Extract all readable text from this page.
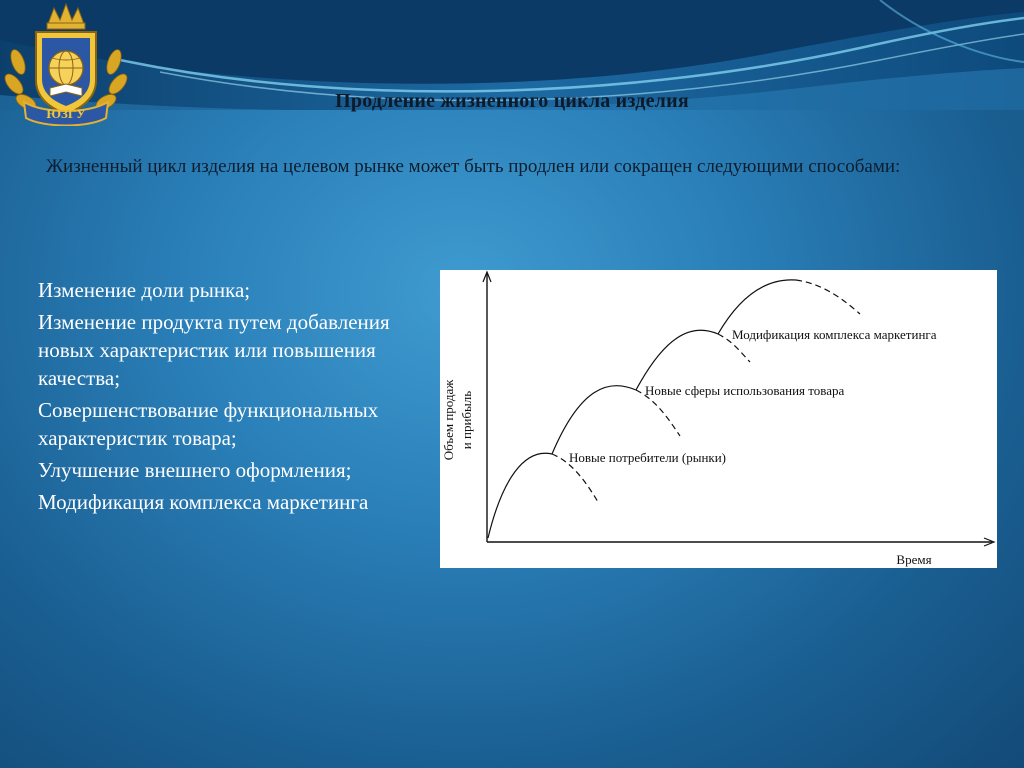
ЮЗГУ
Продление жизненного цикла изделия
Жизненный цикл изделия на целевом рынке может быть продлен или сокращен следующими способами:
Изменение доли рынка;
Изменение продукта путем добавления новых характеристик или повышения качества;
Совершенствование функциональных характеристик товара;
Улучшение внешнего оформления;
Модификация комплекса маркетинга
Объем продаж и прибыль
Время
Новые потребители (рынки)
Новые сферы использования товара
Модификация комплекса маркетинга
